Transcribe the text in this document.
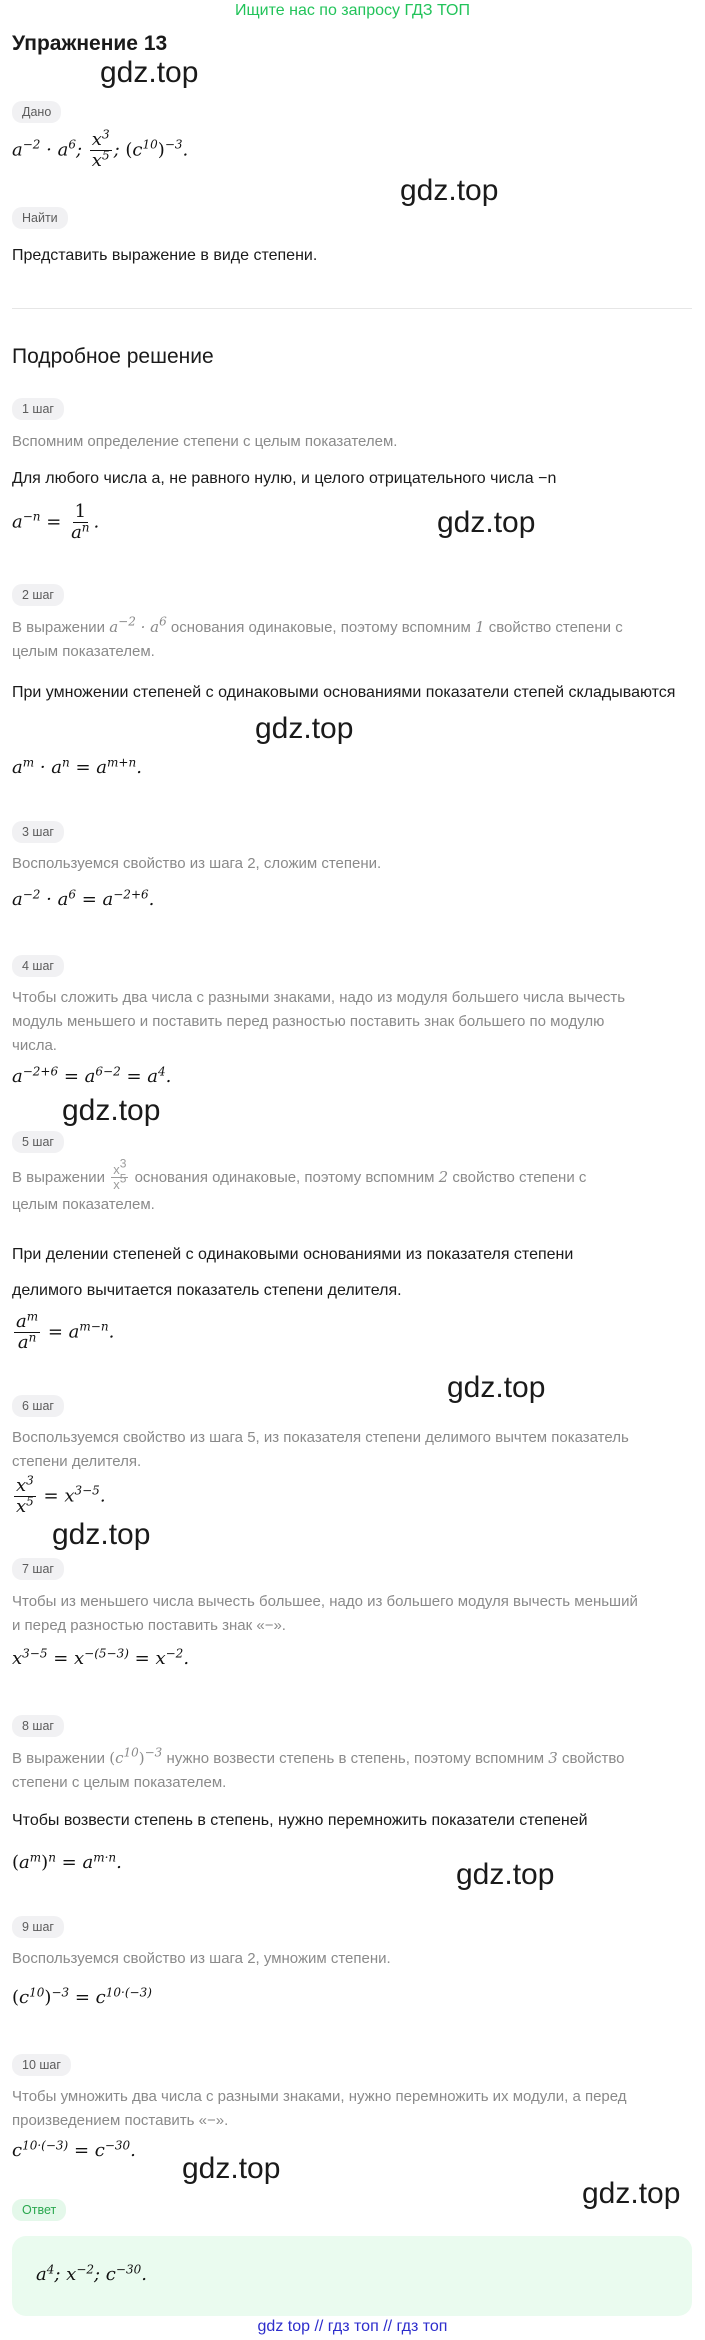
Ищите нас по запросу ГДЗ ТОП
Упражнение 13
gdz.top
gdz.top
gdz.top
gdz.top
gdz.top
gdz.top
gdz.top
gdz.top
gdz.top
gdz.top
Дано
$a^{-2} \cdot a^6$; $\frac{x^3}{x^5}$ ; $(c^{10})^{-3}$.
Найти
Представить выражение в виде степени.
Подробное решение
1 шаг
Вспомним определение степени с целым показателем.
Для любого числа a, не равного нулю, и целого отрицательного числа −n
$a^{-n} = \frac{1}{a^n}$ .
2 шаг
В выражении $a^{-2} \cdot a^6$ основания одинаковые, поэтому вспомним 1 свойство степени с
целым показателем.
При умножении степеней с одинаковыми основаниями показатели степей складываются
$a^m \cdot a^n = a^{m+n}$.
3 шаг
Воспользуемся свойство из шага 2, сложим степени.
$a^{-2} \cdot a^6 = a^{-2+6}$.
4 шаг
Чтобы сложить два числа с разными знаками, надо из модуля большего числа вычесть
модуль меньшего и поставить перед разностью поставить знак большего по модулю
числа.
$a^{-2+6} = a^{6-2} = a^4$.
5 шаг
В выражении $\frac{x^3}{x^5}$ основания одинаковые, поэтому вспомним 2 свойство степени с
целым показателем.
При делении степеней с одинаковыми основаниями из показателя степени
делимого вычитается показатель степени делителя.
$\frac{a^m}{a^n} = a^{m-n}$.
6 шаг
Воспользуемся свойство из шага 5, из показателя степени делимого вычтем показатель
степени делителя.
$\frac{x^3}{x^5} = x^{3-5}$.
7 шаг
Чтобы из меньшего числа вычесть большее, надо из большего модуля вычесть меньший
и перед разностью поставить знак «−».
$x^{3-5} = x^{-(5-3)} = x^{-2}$.
8 шаг
В выражении $(c^{10})^{-3}$ нужно возвести степень в степень, поэтому вспомним 3 свойство
степени с целым показателем.
Чтобы возвести степень в степень, нужно перемножить показатели степеней
$(a^m)^n = a^{m\cdot n}$.
9 шаг
Воспользуемся свойство из шага 2, умножим степени.
$(c^{10})^{-3} = c^{10\cdot(-3)}$
10 шаг
Чтобы умножить два числа с разными знаками, нужно перемножить их модули, а перед
произведением поставить «−».
$c^{10\cdot(-3)} = c^{-30}$.
Ответ
$a^4$; $x^{-2}$; $c^{-30}$.
gdz top // гдз топ // гдз топ
